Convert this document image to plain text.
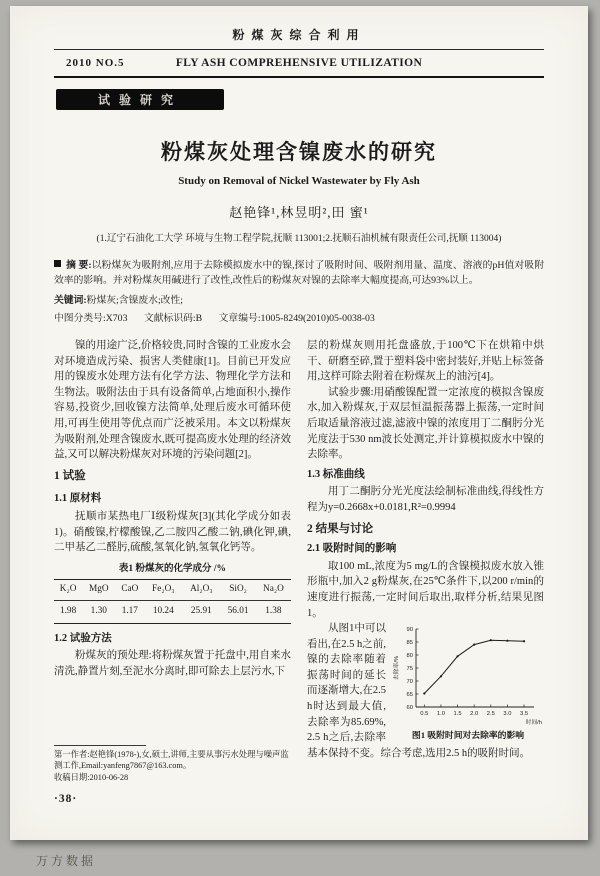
粉煤灰综合利用
2010 NO.5	FLY ASH COMPREHENSIVE UTILIZATION
试验研究
粉煤灰处理含镍废水的研究
Study on Removal of Nickel Wastewater by Fly Ash
赵艳锋¹,林昱明²,田 蜜¹
(1.辽宁石油化工大学 环境与生物工程学院,抚顺 113001;2.抚顺石油机械有限责任公司,抚顺 113004)
摘 要:以粉煤灰为吸附剂,应用于去除模拟废水中的镍,探讨了吸附时间、吸附剂用量、温度、溶液的pH值对吸附效率的影响。并对粉煤灰用碱进行了改性,改性后的粉煤灰对镍的去除率大幅度提高,可达93%以上。
关键词:粉煤灰;含镍废水;改性;
中图分类号:X703 文献标识码:B 文章编号:1005-8249(2010)05-0038-03

镍的用途广泛,价格较贵,同时含镍的工业废水会对环境造成污染、损害人类健康[1]。目前已开发应用的镍废水处理方法有化学方法、物理化学方法和生物法。吸附法由于具有设备简单,占地面积小,操作容易,投资少,回收镍方法简单,处理后废水可循环使用,可再生使用等优点而广泛被采用。本文以粉煤灰为吸附剂,处理含镍废水,既可提高废水处理的经济效益,又可以解决粉煤灰对环境的污染问题[2]。

1 试验
1.1 原材料

抚顺市某热电厂Ⅰ级粉煤灰[3](其化学成分如表1)。硝酸镍,柠檬酸镍,乙二胺四乙酸二钠,碘化钾,碘,二甲基乙二醛肟,硫酸,氢氧化钠,氢氧化钙等。

表1 粉煤灰的化学成分 /%
K₂O	MgO	CaO	Fe₂O₃	Al₂O₃	SiO₂	Na₂O
1.98	1.30	1.17	10.24	25.91	56.01	1.38
1.2 试验方法

粉煤灰的预处理:将粉煤灰置于托盘中,用自来水清洗,静置片刻,至泥水分离时,即可除去上层污水,下

第一作者:赵艳锋(1978-),女,硕士,讲师,主要从事污水处理与噪声监测工作,Email:yanfeng7867@163.com。
收稿日期:2010-06-28
·38·

层的粉煤灰则用托盘盛放,于100℃下在烘箱中烘干、研磨至碎,置于塑料袋中密封装好,并贴上标签备用,这样可除去附着在粉煤灰上的油污[4]。

试验步骤:用硝酸镍配置一定浓度的模拟含镍废水,加入粉煤灰,于双层恒温振荡器上振荡,一定时间后取适量溶液过滤,滤液中镍的浓度用丁二酮肟分光光度法于530 nm波长处测定,并计算模拟废水中镍的去除率。

1.3 标准曲线

用丁二酮肟分光光度法绘制标准曲线,得线性方程为y=0.2668x+0.0181,R²=0.9994

2 结果与讨论
2.1 吸附时间的影响

取100 mL,浓度为5 mg/L的含镍模拟废水放入锥形瓶中,加入2 g粉煤灰,在25℃条件下,以200 r/min的速度进行振荡,一定时间后取出,取样分析,结果见图1。

60
65
70
75
80
85
90
0.5 1.0 1.5 2.0 2.5 3.0 3.5
去除率/%
时间/h
图1 吸附时间对去除率的影响

从图1中可以看出,在2.5 h之前,镍的去除率随着振荡时间的延长而逐渐增大,在2.5 h时达到最大值,去除率为85.69%,2.5 h之后,去除率基本保持不变。综合考虑,选用2.5 h的吸附时间。

万方数据
